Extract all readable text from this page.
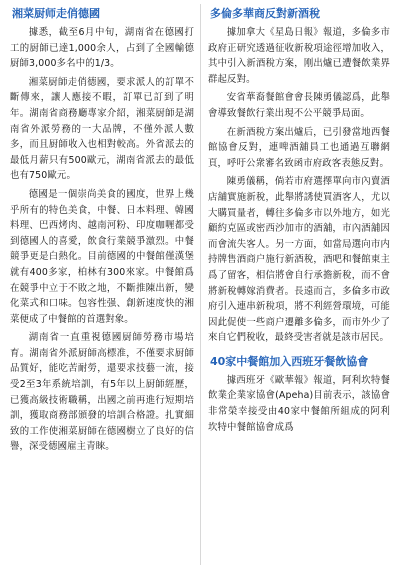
湘菜厨师走俏德國

據悉，截至6月中旬，湖南省在德國打工的厨師已達1,000余人，占到了全國輸德厨師3,000多名中的1/3。

湘菜厨師走俏德國，要求派人的訂單不斷傳來，讓人應接不暇，訂單已訂到了明年。湖南省商務廳專家介紹，湘菜厨師是湖南省外派勞務的一大品牌，不僅外派人數多，而且厨師收入也相對較高。外省派去的最低月薪只有500歐元，湖南省派去的最低也有750歐元。

德國是一個崇尚美食的國度，世界上幾乎所有的特色美食，中餐、日本料理、韓國料理、巴西烤肉、越南河粉、印度咖喱都受到德國人的喜愛，飲食行業競爭激烈。中餐競爭更是白熱化。目前德國的中餐館僅漢堡就有400多家，柏林有300來家。中餐館爲在競爭中立于不敗之地，不斷推陳出新，變化菜式和口味。包容性强、創新速度快的湘菜便成了中餐館的首選對象。

湖南省一直重視德國厨師勞務市場培育。湖南省外派厨師高標准，不僅要求厨師品質好，能吃苦耐勞，還要求技藝一流，接受2至3年系統培訓，有5年以上厨師經歷，已獲高級技術職稱，出國之前再進行短期培訓，獲取商務部頒發的培訓合格證。扎實細致的工作使湘菜厨師在德國樹立了良好的信譽，深受德國雇主青睞。

多倫多華商反對新酒稅

據加拿大《星島日報》報道，多倫多市政府正研究透過征收新稅項途徑增加收入，其中引入新酒稅方案，刚出爐已遭餐飲業界群起反對。

安省華裔餐館會會長陳勇儀認爲，此舉會導致餐飲行業出現不公平競爭局面。

在新酒稅方案出爐后，已引發當地西餐館協會反對，連啤酒舖員工也通過互聯網頁，呼吁公衆審名致函市府政客表態反對。

陳勇儀稱，倘若市府選擇單向市內賣酒店舖實施新稅，此舉將誘使買酒客人，尤以大購買量者，轉往多倫多市以外地方，如光顧約克區或密西沙加市的酒舖，市內酒舖因而會流失客人。另一方面，如當局選向市内持牌售酒商户施行新酒稅，酒吧和餐館東主爲了留客，相信將會自行承擔新稅，而不會將新稅轉嫁消費者。長遠而言，多倫多市政府引入連串新稅項，將不利經營環境，可能因此促使一些商户遷離多倫多，而市外少了來自它們稅收，最終受害者就是該市居民。

40家中餐館加入西班牙餐飲協會

據西班牙《歐華報》報道，阿利坎特餐飲業企業家協會(Apeha)目前表示，該協會非常榮幸接受由40家中餐館所組成的阿利坎特中餐館協會成爲
